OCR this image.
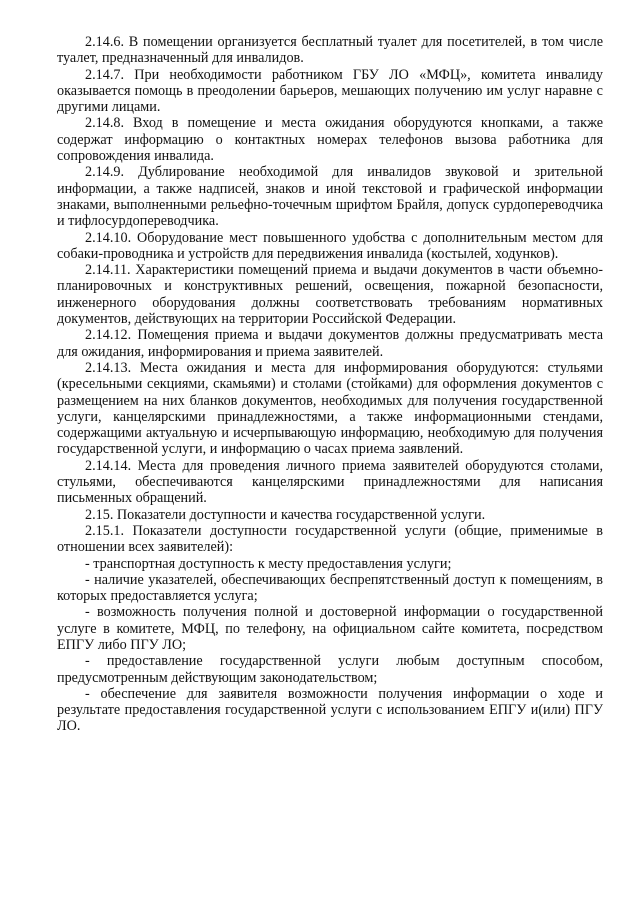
2.14.6. В помещении организуется бесплатный туалет для посетителей, в том числе туалет, предназначенный для инвалидов.

2.14.7. При необходимости работником ГБУ ЛО «МФЦ», комитета инвалиду оказывается помощь в преодолении барьеров, мешающих получению им услуг наравне с другими лицами.

2.14.8. Вход в помещение и места ожидания оборудуются кнопками, а также содержат информацию о контактных номерах телефонов вызова работника для сопровождения инвалида.

2.14.9. Дублирование необходимой для инвалидов звуковой и зрительной информации, а также надписей, знаков и иной текстовой и графической информации знаками, выполненными рельефно-точечным шрифтом Брайля, допуск сурдопереводчика и тифлосурдопереводчика.

2.14.10. Оборудование мест повышенного удобства с дополнительным местом для собаки-проводника и устройств для передвижения инвалида (костылей, ходунков).

2.14.11. Характеристики помещений приема и выдачи документов в части объемно-планировочных и конструктивных решений, освещения, пожарной безопасности, инженерного оборудования должны соответствовать требованиям нормативных документов, действующих на территории Российской Федерации.

2.14.12. Помещения приема и выдачи документов должны предусматривать места для ожидания, информирования и приема заявителей.

2.14.13. Места ожидания и места для информирования оборудуются: стульями (кресельными секциями, скамьями) и столами (стойками) для оформления документов с размещением на них бланков документов, необходимых для получения государственной услуги, канцелярскими принадлежностями, а также информационными стендами, содержащими актуальную и исчерпывающую информацию, необходимую для получения государственной услуги, и информацию о часах приема заявлений.

2.14.14. Места для проведения личного приема заявителей оборудуются столами, стульями, обеспечиваются канцелярскими принадлежностями для написания письменных обращений.

2.15. Показатели доступности и качества государственной услуги.

2.15.1. Показатели доступности государственной услуги (общие, применимые в отношении всех заявителей):

- транспортная доступность к месту предоставления услуги;

- наличие указателей, обеспечивающих беспрепятственный доступ к помещениям, в которых предоставляется услуга;

- возможность получения полной и достоверной информации о государственной услуге в комитете, МФЦ, по телефону, на официальном сайте комитета, посредством ЕПГУ либо ПГУ ЛО;

- предоставление государственной услуги любым доступным способом, предусмотренным действующим законодательством;

- обеспечение для заявителя возможности получения информации о ходе и результате предоставления государственной услуги с использованием ЕПГУ и(или) ПГУ ЛО.
